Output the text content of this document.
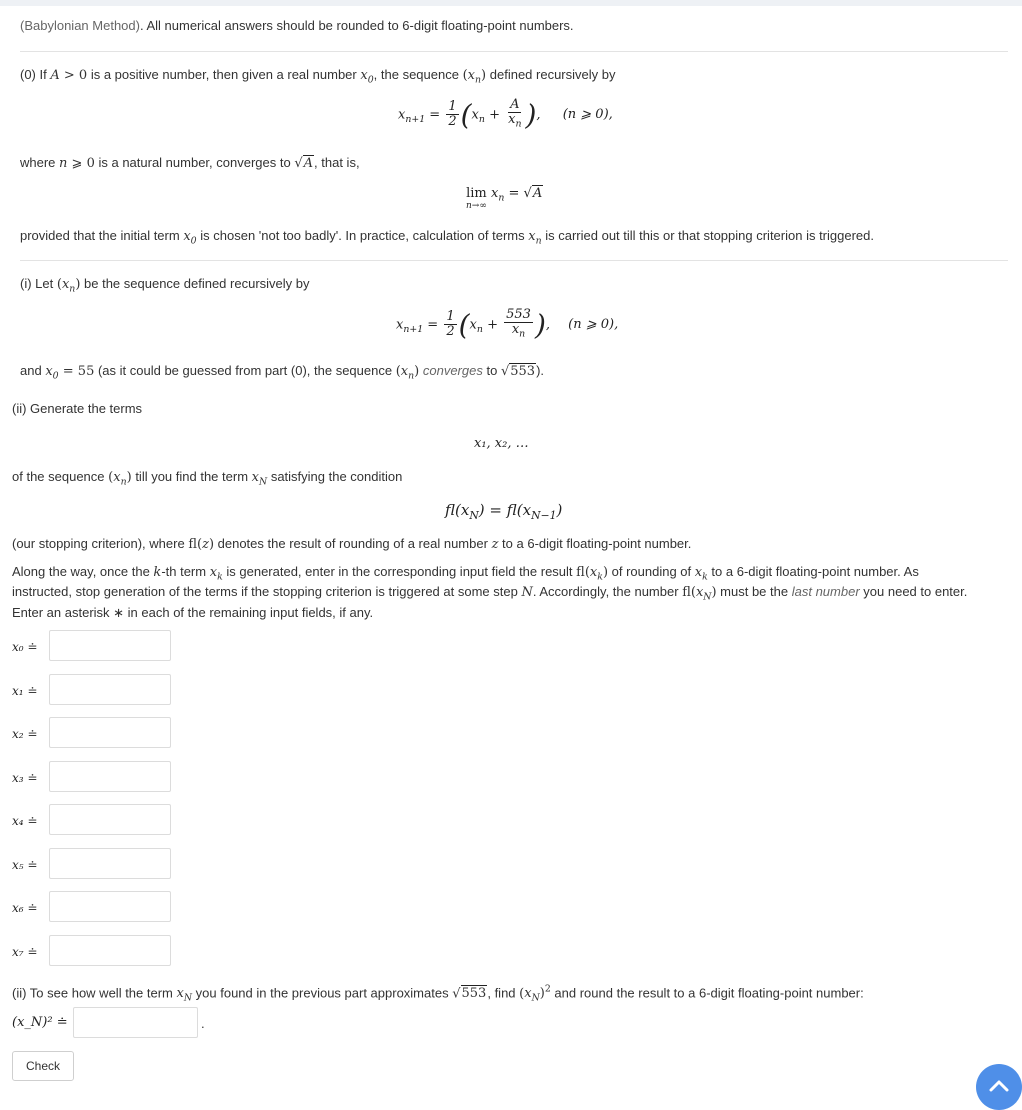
(Babylonian Method). All numerical answers should be rounded to 6-digit floating-point numbers.
(0) If A > 0 is a positive number, then given a real number $x_0$, the sequence $(x_n)$ defined recursively by
$x_{n+1} = \frac{1}{2} (x_n + \frac{A}{x_n}$ ), (n ⩾ 0),
where n ⩾ 0 is a natural number, converges to √A, that is,
lim
n→∞
$x_n = √A$
provided that the initial term $x_0$ is chosen 'not too badly'. In practice, calculation of terms $x_n$ is carried out till this or that stopping criterion is triggered.
(i) Let $(x_n)$ be the sequence defined recursively by
$x_{n+1} = \frac{1}{2} (x_n + \frac{553}{x_n}$ ), (n ⩾ 0),
and $x_0 = 55$ (as it could be guessed from part (0), the sequence $(x_n)$ converges to √553).
(ii) Generate the terms
x₁, x₂, …
of the sequence $(x_n)$ till you find the term $x_N$ satisfying the condition
$fl(x_N) = fl(x_{N-1})$
(our stopping criterion), where fl(z) denotes the result of rounding of a real number z to a 6-digit floating-point number.
Along the way, once the k-th term $x_k$ is generated, enter in the corresponding input field the result $fl(x_k)$ of rounding of $x_k$ to a 6-digit floating-point number. As
instructed, stop generation of the terms if the stopping criterion is triggered at some step N. Accordingly, the number $fl(x_N)$ must be the last number you need to enter.
Enter an asterisk ∗ in each of the remaining input fields, if any.
x₀ ≐
x₁ ≐
x₂ ≐
x₃ ≐
x₄ ≐
x₅ ≐
x₆ ≐
x₇ ≐
(ii) To see how well the term $x_N$ you found in the previous part approximates √553, find $(x_N)^2$ and round the result to a 6-digit floating-point number:
(x_N)² ≐	.
Check
